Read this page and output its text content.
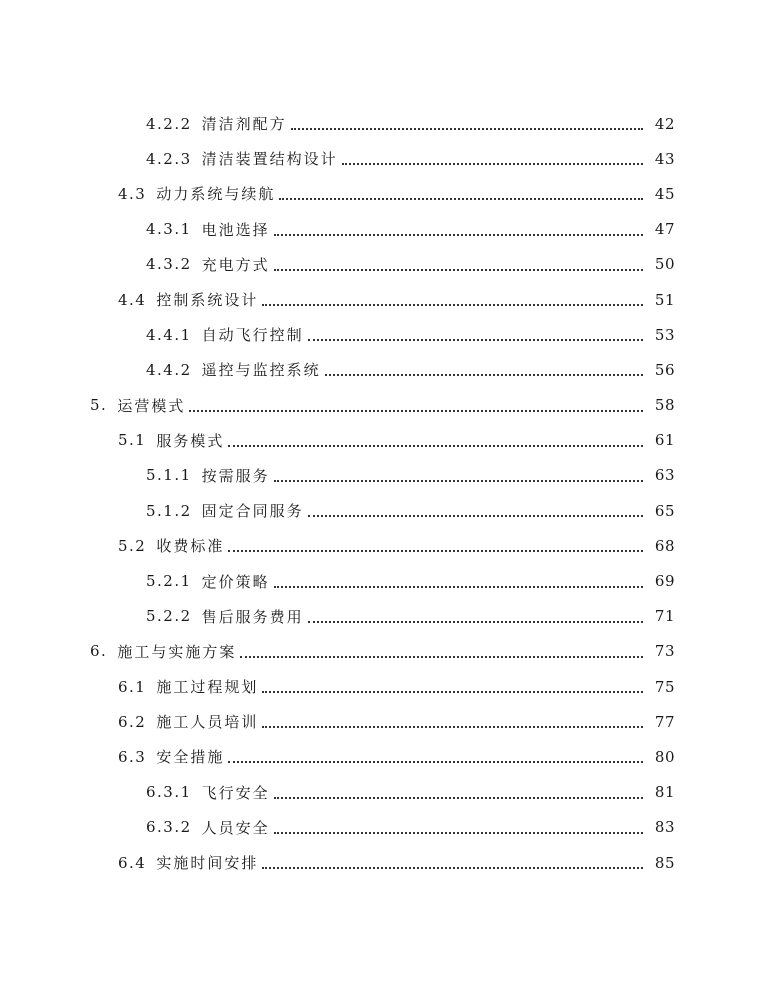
4.2.2 清洁剂配方	42
4.2.3 清洁装置结构设计	43
4.3 动力系统与续航	45
4.3.1 电池选择	47
4.3.2 充电方式	50
4.4 控制系统设计	51
4.4.1 自动飞行控制	53
4.4.2 遥控与监控系统	56
5. 运营模式	58
5.1 服务模式	61
5.1.1 按需服务	63
5.1.2 固定合同服务	65
5.2 收费标准	68
5.2.1 定价策略	69
5.2.2 售后服务费用	71
6. 施工与实施方案	73
6.1 施工过程规划	75
6.2 施工人员培训	77
6.3 安全措施	80
6.3.1 飞行安全	81
6.3.2 人员安全	83
6.4 实施时间安排	85
